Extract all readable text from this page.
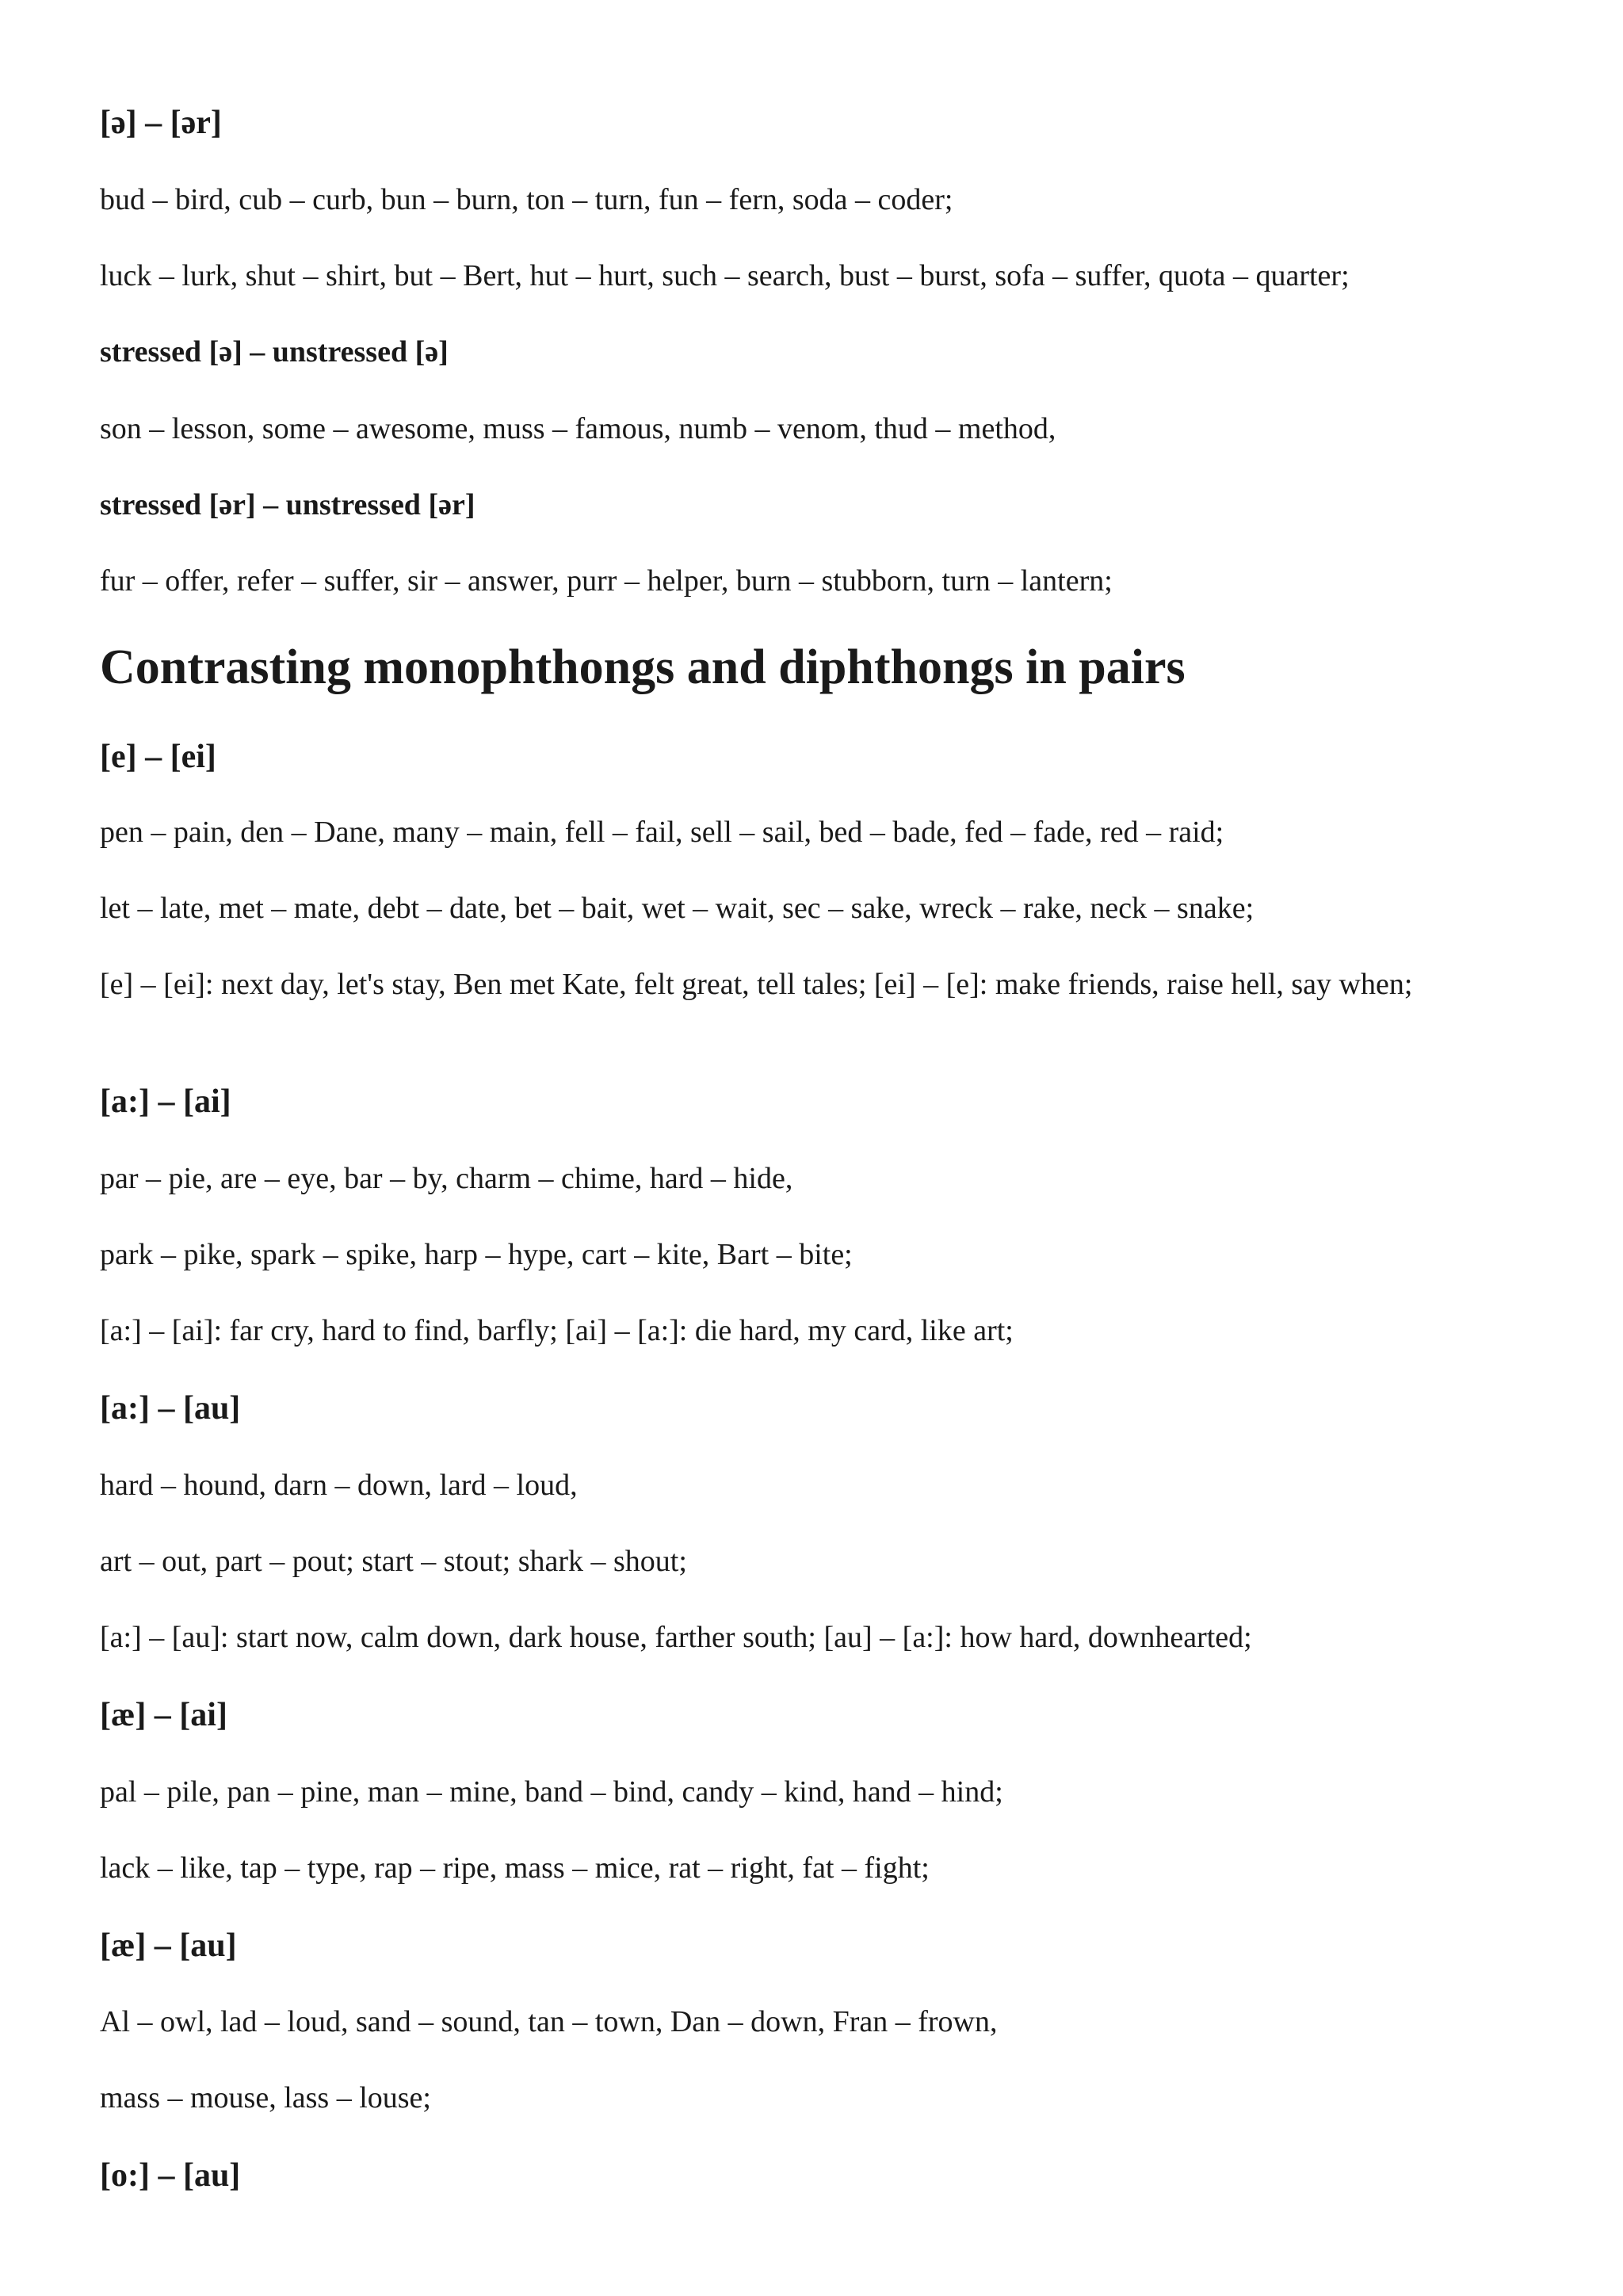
[ə] – [ər]
bud – bird, cub – curb, bun – burn, ton – turn, fun – fern, soda – coder;
luck – lurk, shut – shirt, but – Bert, hut – hurt, such – search, bust – burst, sofa – suffer, quota – quarter;
stressed [ə] – unstressed [ə]
son – lesson, some – awesome, muss – famous, numb – venom, thud – method,
stressed [ər] – unstressed [ər]
fur – offer, refer – suffer, sir – answer, purr – helper, burn – stubborn, turn – lantern;
Contrasting monophthongs and diphthongs in pairs
[e] – [ei]
pen – pain, den – Dane, many – main, fell – fail, sell – sail, bed – bade, fed – fade, red – raid;
let – late, met – mate, debt – date, bet – bait, wet – wait, sec – sake, wreck – rake, neck – snake;
[e] – [ei]: next day, let's stay, Ben met Kate, felt great, tell tales; [ei] – [e]: make friends, raise hell, say when;
[a:] – [ai]
par – pie, are – eye, bar – by, charm – chime, hard – hide,
park – pike, spark – spike, harp – hype, cart – kite, Bart – bite;
[a:] – [ai]: far cry, hard to find, barfly; [ai] – [a:]: die hard, my card, like art;
[a:] – [au]
hard – hound, darn – down, lard – loud,
art – out, part – pout; start – stout; shark – shout;
[a:] – [au]: start now, calm down, dark house, farther south; [au] – [a:]: how hard, downhearted;
[æ] – [ai]
pal – pile, pan – pine, man – mine, band – bind, candy – kind, hand – hind;
lack – like, tap – type, rap – ripe, mass – mice, rat – right, fat – fight;
[æ] – [au]
Al – owl, lad – loud, sand – sound, tan – town, Dan – down, Fran – frown,
mass – mouse, lass – louse;
[o:] – [au]
